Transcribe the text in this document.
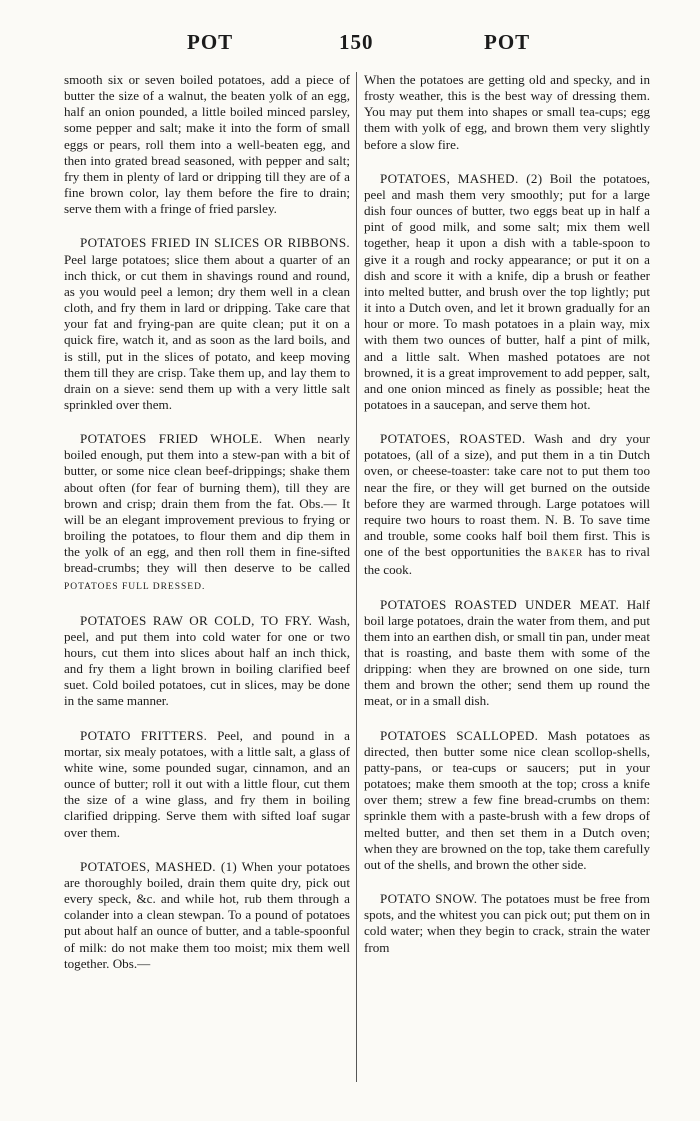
POT	150	POT

smooth six or seven boiled potatoes, add a piece of butter the size of a walnut, the beaten yolk of an egg, half an onion pounded, a little boiled minced parsley, some pepper and salt; make it into the form of small eggs or pears, roll them into a well-beaten egg, and then into grated bread seasoned, with pepper and salt; fry them in plenty of lard or dripping till they are of a fine brown color, lay them before the fire to drain; serve them with a fringe of fried parsley.

POTATOES FRIED IN SLICES OR RIBBONS. Peel large potatoes; slice them about a quarter of an inch thick, or cut them in shavings round and round, as you would peel a lemon; dry them well in a clean cloth, and fry them in lard or dripping. Take care that your fat and frying-pan are quite clean; put it on a quick fire, watch it, and as soon as the lard boils, and is still, put in the slices of potato, and keep moving them till they are crisp. Take them up, and lay them to drain on a sieve: send them up with a very little salt sprinkled over them.

POTATOES FRIED WHOLE. When nearly boiled enough, put them into a stew-pan with a bit of butter, or some nice clean beef-drippings; shake them about often (for fear of burning them), till they are brown and crisp; drain them from the fat. Obs.— It will be an elegant improvement previous to frying or broiling the potatoes, to flour them and dip them in the yolk of an egg, and then roll them in fine-sifted bread-crumbs; they will then deserve to be called POTATOES FULL DRESSED.

POTATOES RAW OR COLD, TO FRY. Wash, peel, and put them into cold water for one or two hours, cut them into slices about half an inch thick, and fry them a light brown in boiling clarified beef suet. Cold boiled potatoes, cut in slices, may be done in the same manner.

POTATO FRITTERS. Peel, and pound in a mortar, six mealy potatoes, with a little salt, a glass of white wine, some pounded sugar, cinnamon, and an ounce of butter; roll it out with a little flour, cut them the size of a wine glass, and fry them in boiling clarified dripping. Serve them with sifted loaf sugar over them.

POTATOES, MASHED. (1) When your potatoes are thoroughly boiled, drain them quite dry, pick out every speck, &c. and while hot, rub them through a colander into a clean stewpan. To a pound of potatoes put about half an ounce of butter, and a table-spoonful of milk: do not make them too moist; mix them well together. Obs.—

When the potatoes are getting old and specky, and in frosty weather, this is the best way of dressing them. You may put them into shapes or small tea-cups; egg them with yolk of egg, and brown them very slightly before a slow fire.

POTATOES, MASHED. (2) Boil the potatoes, peel and mash them very smoothly; put for a large dish four ounces of butter, two eggs beat up in half a pint of good milk, and some salt; mix them well together, heap it upon a dish with a table-spoon to give it a rough and rocky appearance; or put it on a dish and score it with a knife, dip a brush or feather into melted butter, and brush over the top lightly; put it into a Dutch oven, and let it brown gradually for an hour or more. To mash potatoes in a plain way, mix with them two ounces of butter, half a pint of milk, and a little salt. When mashed potatoes are not browned, it is a great improvement to add pepper, salt, and one onion minced as finely as possible; heat the potatoes in a saucepan, and serve them hot.

POTATOES, ROASTED. Wash and dry your potatoes, (all of a size), and put them in a tin Dutch oven, or cheese-toaster: take care not to put them too near the fire, or they will get burned on the outside before they are warmed through. Large potatoes will require two hours to roast them. N. B. To save time and trouble, some cooks half boil them first. This is one of the best opportunities the BAKER has to rival the cook.

POTATOES ROASTED UNDER MEAT. Half boil large potatoes, drain the water from them, and put them into an earthen dish, or small tin pan, under meat that is roasting, and baste them with some of the dripping: when they are browned on one side, turn them and brown the other; send them up round the meat, or in a small dish.

POTATOES SCALLOPED. Mash potatoes as directed, then butter some nice clean scollop-shells, patty-pans, or tea-cups or saucers; put in your potatoes; make them smooth at the top; cross a knife over them; strew a few fine bread-crumbs on them: sprinkle them with a paste-brush with a few drops of melted butter, and then set them in a Dutch oven; when they are browned on the top, take them carefully out of the shells, and brown the other side.

POTATO SNOW. The potatoes must be free from spots, and the whitest you can pick out; put them on in cold water; when they begin to crack, strain the water from
